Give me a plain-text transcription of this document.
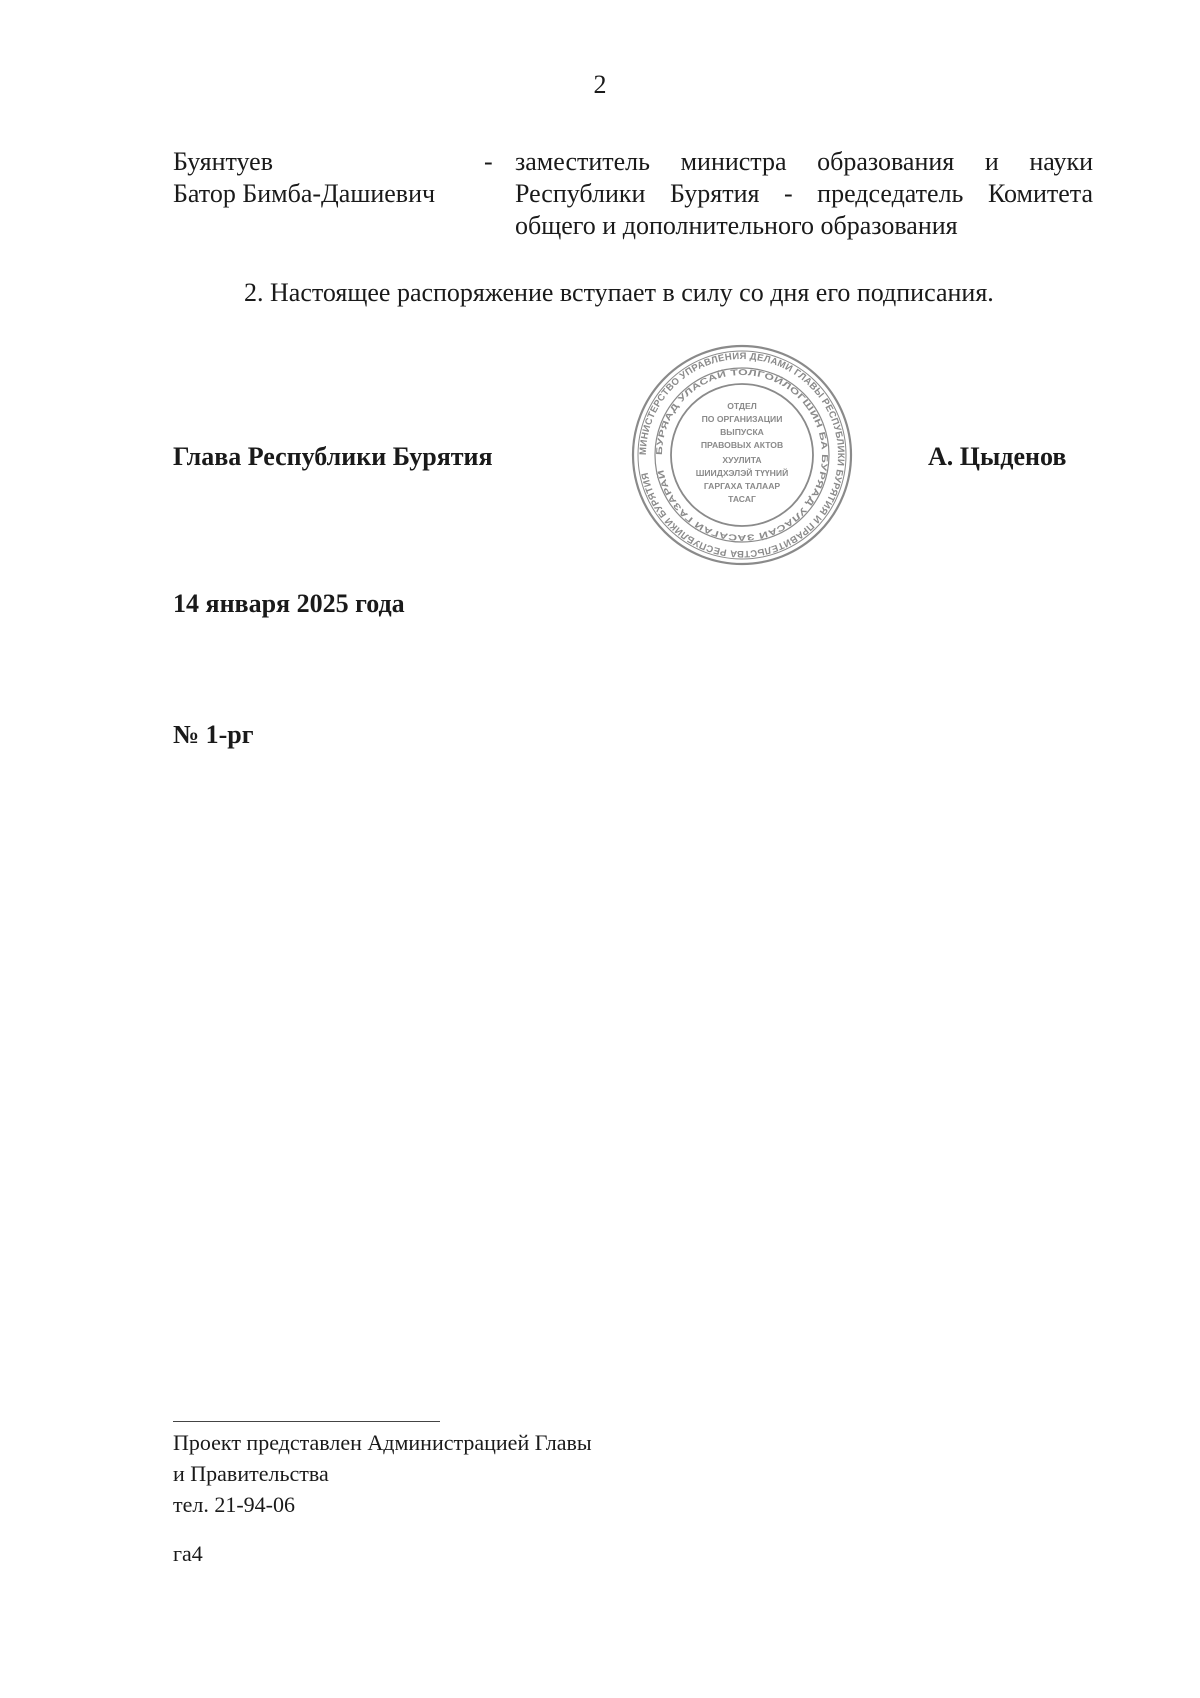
2
Буянтуев
Батор Бимба-Дашиевич
- заместитель министра образования и науки
Республики Бурятия - председатель Комитета
общего и дополнительного образования
2. Настоящее распоряжение вступает в силу со дня его подписания.
Глава Республики Бурятия	МИНИСТЕРСТВО УПРАВЛЕНИЯ ДЕЛАМИ ГЛАВЫ РЕСПУБЛИКИ БУРЯТИЯ И ПРАВИТЕЛЬСТВА РЕСПУБЛИКИ БУРЯТИЯ
БУРЯАД УЛАСАЙ ТОЛГОЙЛОГШИН БА БУРЯАД УЛАСАЙ ЗАСАГАЙ ГАЗАРАЙ
ОТДЕЛ
ПО ОРГАНИЗАЦИИ
ВЫПУСКА
ПРАВОВЫХ АКТОВ
ХУУЛИТА
ШИИДХЭЛЭЙ ТҮҮНИЙ
ГАРГАХА ТАЛААР
ТАСАГ
А. Цыденов
14 января 2025 года
№ 1-рг
Проект представлен Администрацией Главы
и Правительства
тел. 21-94-06
га4
